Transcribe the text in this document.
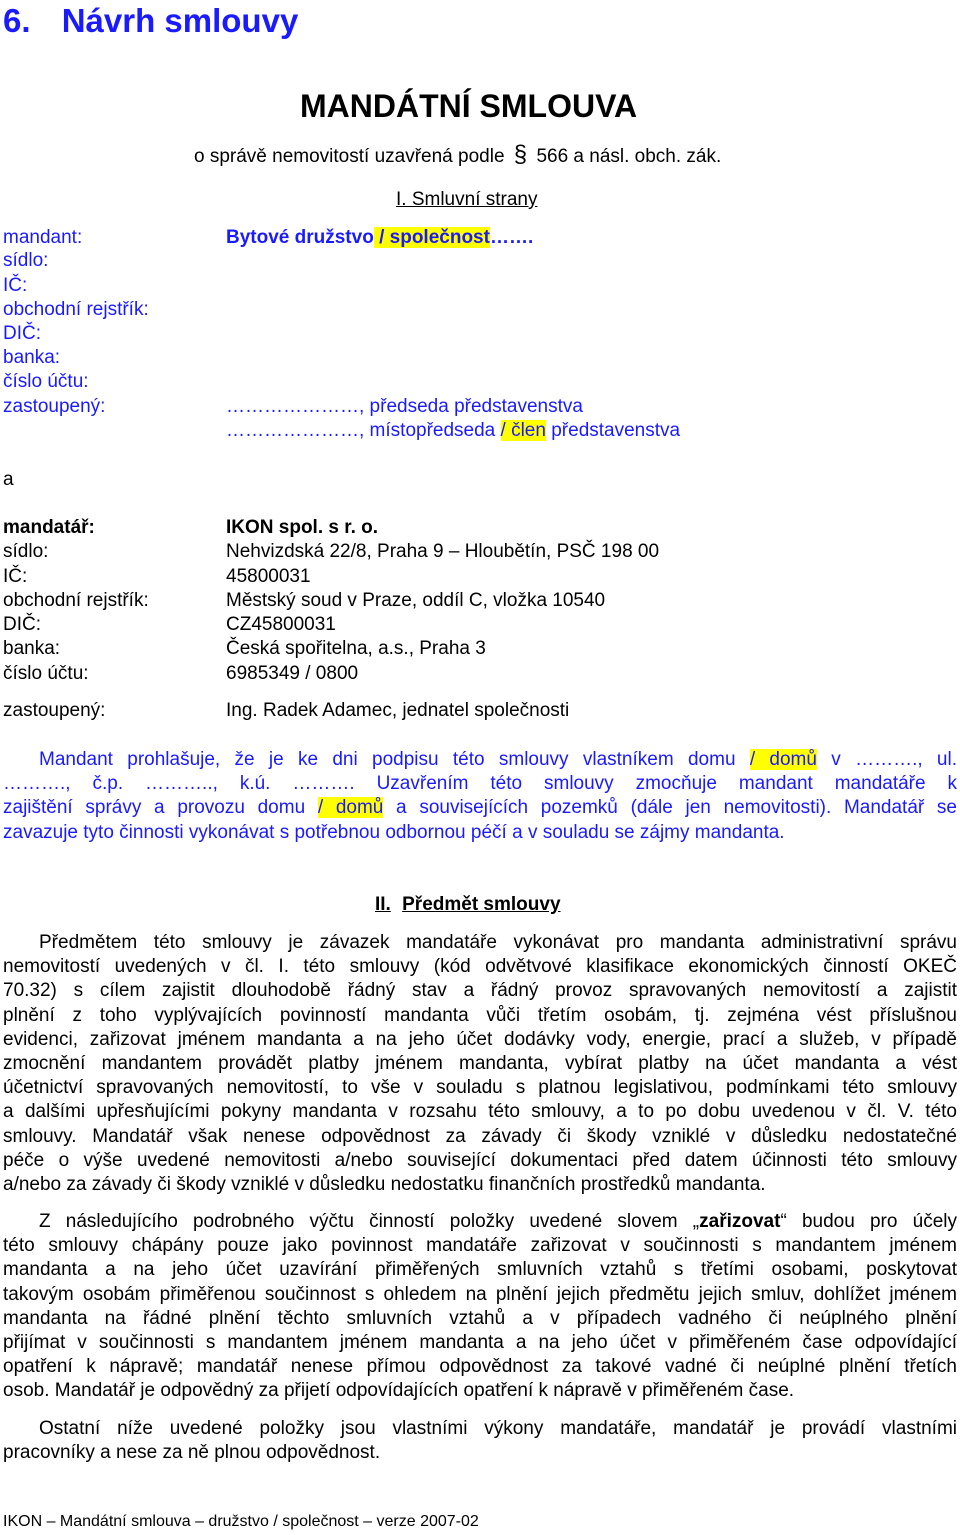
6. Návrh smlouvy
MANDÁTNÍ SMLOUVA
o správě nemovitostí uzavřená podle § 566 a násl. obch. zák.
I. Smluvní strany
mandant:	Bytové družstvo / společnost…….
sídlo:
IČ:
obchodní rejstřík:
DIČ:
banka:
číslo účtu:
zastoupený:	…………………, předseda představenstva
…………………, místopředseda / člen představenstva
a
mandatář:	IKON spol. s r. o.
sídlo:	Nehvizdská 22/8, Praha 9 – Hloubětín, PSČ 198 00
IČ:	45800031
obchodní rejstřík:	Městský soud v Praze, oddíl C, vložka 10540
DIČ:	CZ45800031
banka:	Česká spořitelna, a.s., Praha 3
číslo účtu:	6985349 / 0800
zastoupený:	Ing. Radek Adamec, jednatel společnosti
Mandant prohlašuje, že je ke dni podpisu této smlouvy vlastníkem domu / domů v ………., ul.
………., č.p. ……….., k.ú. ………. Uzavřením této smlouvy zmocňuje mandant mandatáře k
zajištění správy a provozu domu / domů a souvisejících pozemků (dále jen nemovitosti). Mandatář se
zavazuje tyto činnosti vykonávat s potřebnou odbornou péčí a v souladu se zájmy mandanta.
II. Předmět smlouvy
Předmětem této smlouvy je závazek mandatáře vykonávat pro mandanta administrativní správu
nemovitostí uvedených v čl. I. této smlouvy (kód odvětvové klasifikace ekonomických činností OKEČ
70.32) s cílem zajistit dlouhodobě řádný stav a řádný provoz spravovaných nemovitostí a zajistit
plnění z toho vyplývajících povinností mandanta vůči třetím osobám, tj. zejména vést příslušnou
evidenci, zařizovat jménem mandanta a na jeho účet dodávky vody, energie, prací a služeb, v případě
zmocnění mandantem provádět platby jménem mandanta, vybírat platby na účet mandanta a vést
účetnictví spravovaných nemovitostí, to vše v souladu s platnou legislativou, podmínkami této smlouvy
a dalšími upřesňujícími pokyny mandanta v rozsahu této smlouvy, a to po dobu uvedenou v čl. V. této
smlouvy. Mandatář však nenese odpovědnost za závady či škody vzniklé v důsledku nedostatečné
péče o výše uvedené nemovitosti a/nebo související dokumentaci před datem účinnosti této smlouvy
a/nebo za závady či škody vzniklé v důsledku nedostatku finančních prostředků mandanta.
Z následujícího podrobného výčtu činností položky uvedené slovem „zařizovat“ budou pro účely
této smlouvy chápány pouze jako povinnost mandatáře zařizovat v součinnosti s mandantem jménem
mandanta a na jeho účet uzavírání přiměřených smluvních vztahů s třetími osobami, poskytovat
takovým osobám přiměřenou součinnost s ohledem na plnění jejich předmětu jejich smluv, dohlížet jménem
mandanta na řádné plnění těchto smluvních vztahů a v případech vadného či neúplného plnění
přijímat v součinnosti s mandantem jménem mandanta a na jeho účet v přiměřeném čase odpovídající
opatření k nápravě; mandatář nenese přímou odpovědnost za takové vadné či neúplné plnění třetích
osob. Mandatář je odpovědný za přijetí odpovídajících opatření k nápravě v přiměřeném čase.
Ostatní níže uvedené položky jsou vlastními výkony mandatáře, mandatář je provádí vlastními
pracovníky a nese za ně plnou odpovědnost.
IKON – Mandátní smlouva – družstvo / společnost – verze 2007-02
